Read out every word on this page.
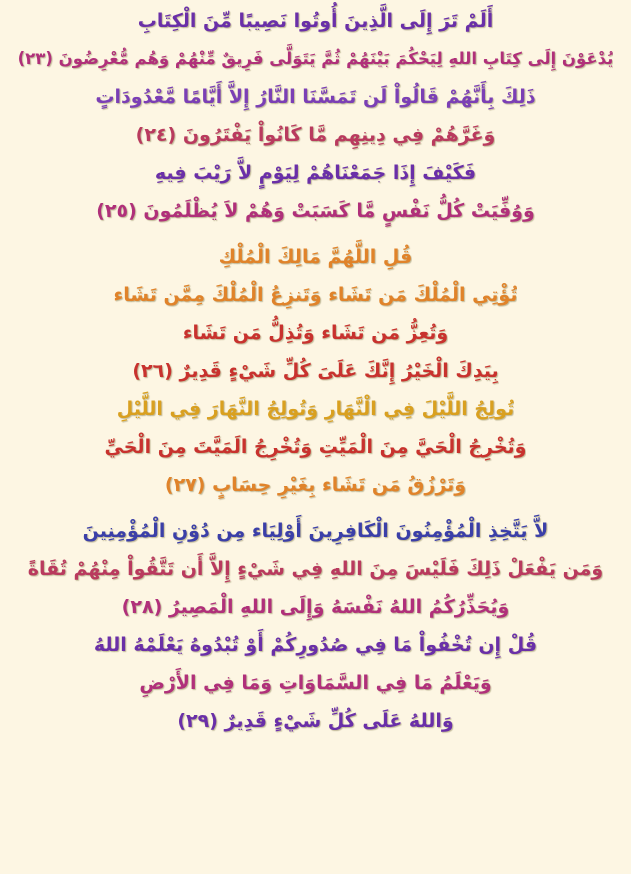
أَلَمْ تَرَ إِلَى الَّذِينَ أُوتُوا نَصِيبًا مِّنَ الْكِتَابِ
يُدْعَوْنَ إِلَى كِتَابِ اللهِ لِيَحْكُمَ بَيْنَهُمْ ثُمَّ يَتَوَلَّى فَرِيقٌ مِّنْهُمْ وَهُم مُّعْرِضُونَ (٢٣)
ذَلِكَ بِأَنَّهُمْ قَالُواْ لَن تَمَسَّنَا النَّارُ إِلاَّ أَيَّامًا مَّعْدُودَاتٍ
وَغَرَّهُمْ فِي دِينِهِم مَّا كَانُواْ يَفْتَرُونَ (٢٤)
فَكَيْفَ إِذَا جَمَعْنَاهُمْ لِيَوْمٍ لاَّ رَيْبَ فِيهِ
وَوُفِّيَتْ كُلُّ نَفْسٍ مَّا كَسَبَتْ وَهُمْ لاَ يُظْلَمُونَ (٢٥)
قُلِ اللَّهُمَّ مَالِكَ الْمُلْكِ
تُؤْتِي الْمُلْكَ مَن تَشَاء وَتَنزِعُ الْمُلْكَ مِمَّن تَشَاء
وَتُعِزُّ مَن تَشَاء وَتُذِلُّ مَن تَشَاء
بِيَدِكَ الْخَيْرُ إِنَّكَ عَلَىَ كُلِّ شَيْءٍ قَدِيرٌ (٢٦)
تُولِجُ اللَّيْلَ فِي الْنَّهَارِ وَتُولِجُ النَّهَارَ فِي اللَّيْلِ
وَتُخْرِجُ الْحَيَّ مِنَ الْمَيِّتِ وَتُخْرِجُ الَمَيَّتَ مِنَ الْحَيِّ
وَتَرْزُقُ مَن تَشَاء بِغَيْرِ حِسَابٍ (٢٧)
لاَّ يَتَّخِذِ الْمُؤْمِنُونَ الْكَافِرِينَ أَوْلِيَاء مِن دُوْنِ الْمُؤْمِنِينَ
وَمَن يَفْعَلْ ذَلِكَ فَلَيْسَ مِنَ اللهِ فِي شَيْءٍ إِلاَّ أَن تَتَّقُواْ مِنْهُمْ تُقَاةً
وَيُحَذِّرُكُمُ اللهُ نَفْسَهُ وَإِلَى اللهِ الْمَصِيرُ (٢٨)
قُلْ إِن تُخْفُواْ مَا فِي صُدُورِكُمْ أَوْ تُبْدُوهُ يَعْلَمْهُ اللهُ
وَيَعْلَمُ مَا فِي السَّمَاوَاتِ وَمَا فِي الأَرْضِ
وَاللهُ عَلَى كُلِّ شَيْءٍ قَدِيرٌ (٢٩)
